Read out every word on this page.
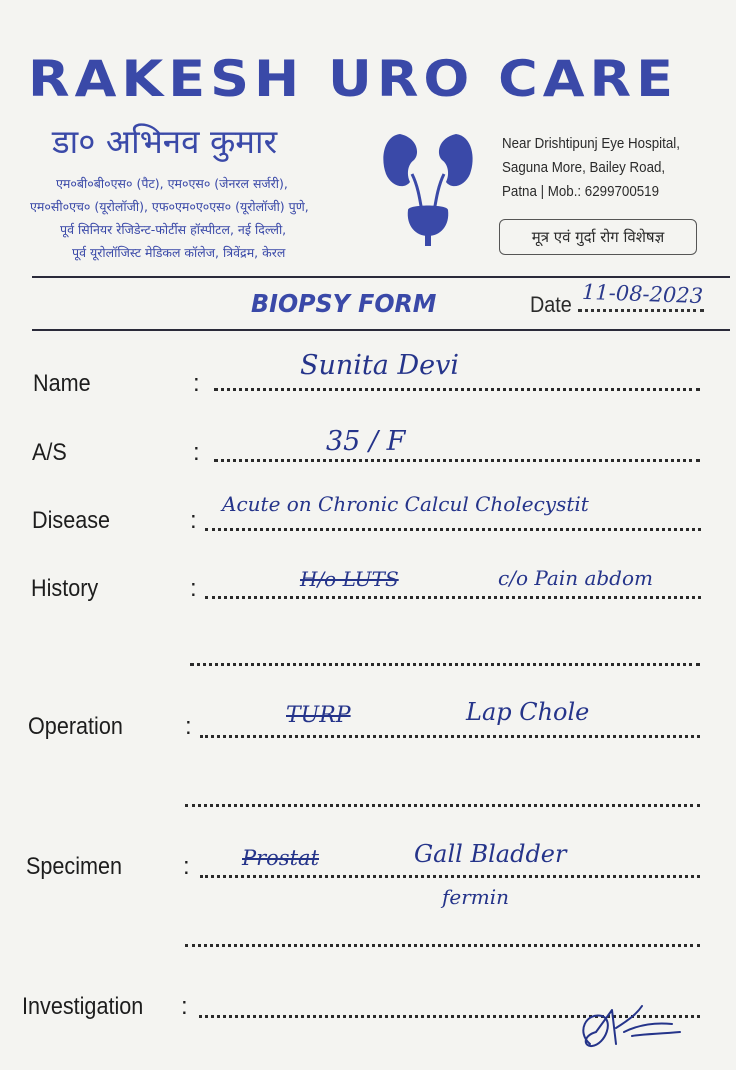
RAKESH URO CARE
डा० अभिनव कुमार
एम०बी०बी०एस० (पैट), एम०एस० (जेनरल सर्जरी),
एम०सी०एच० (यूरोलॉजी), एफ०एम०ए०एस० (यूरोलॉजी) पुणे,
पूर्व सिनियर रेजिडेन्ट-फोर्टीस हॉस्पीटल, नई दिल्ली,
पूर्व यूरोलॉजिस्ट मेडिकल कॉलेज, त्रिवेंद्रम, केरल
Near Drishtipunj Eye Hospital,
Saguna More, Bailey Road,
Patna | Mob.: 6299700519
मूत्र एवं गुर्दा रोग विशेषज्ञ
BIOPSY FORM	Date 11-08-2023
Name	:
Sunita Devi
A/S	:	35 / F
Disease	:
Acute on Chronic Calcul Cholecystit
History	:	H/o LUTS	c/o Pain abdom
Operation	:	TURP	Lap Chole
Specimen	: Prostat	Gall Bladder
fermin
Investigation :
